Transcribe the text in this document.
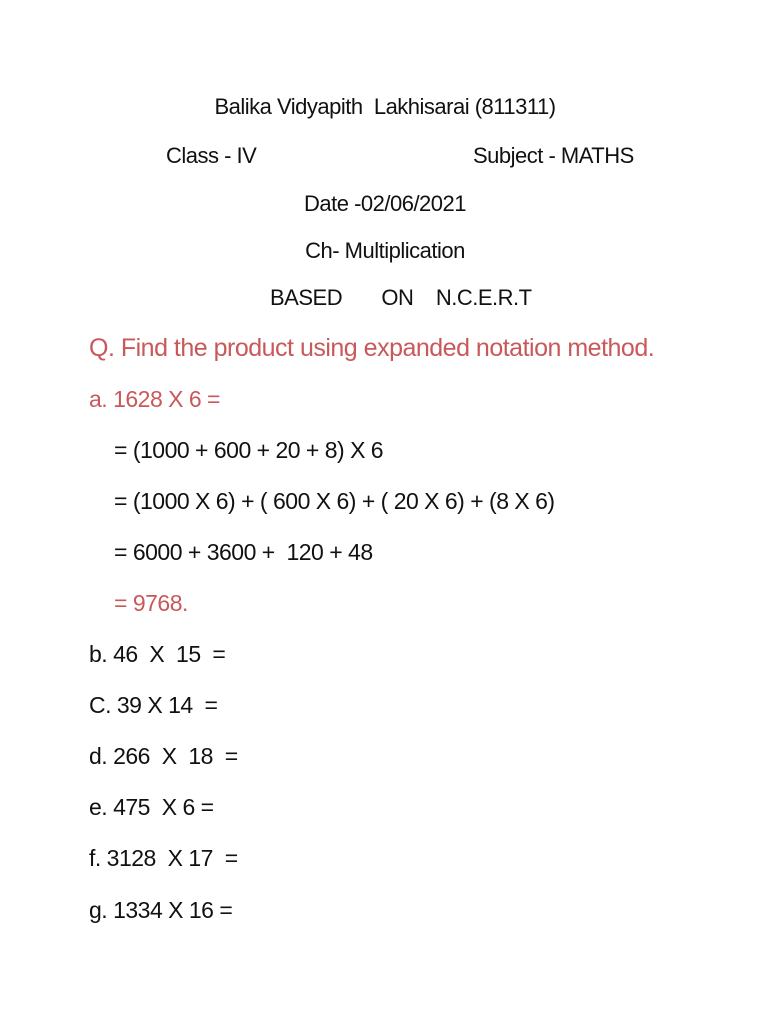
Balika Vidyapith  Lakhisarai (811311)
Class - IV	Subject - MATHS
Date -02/06/2021
Ch- Multiplication
BASED       ON    N.C.E.R.T
Q. Find the product using expanded notation method.
a. 1628 X 6 =
= (1000 + 600 + 20 + 8) X 6
= (1000 X 6) + ( 600 X 6) + ( 20 X 6) + (8 X 6)
= 6000 + 3600 +  120 + 48
= 9768.
b. 46  X  15  =
C. 39 X 14  =
d. 266  X  18  =
e. 475  X 6 =
f. 3128  X 17  =
g. 1334 X 16 =
